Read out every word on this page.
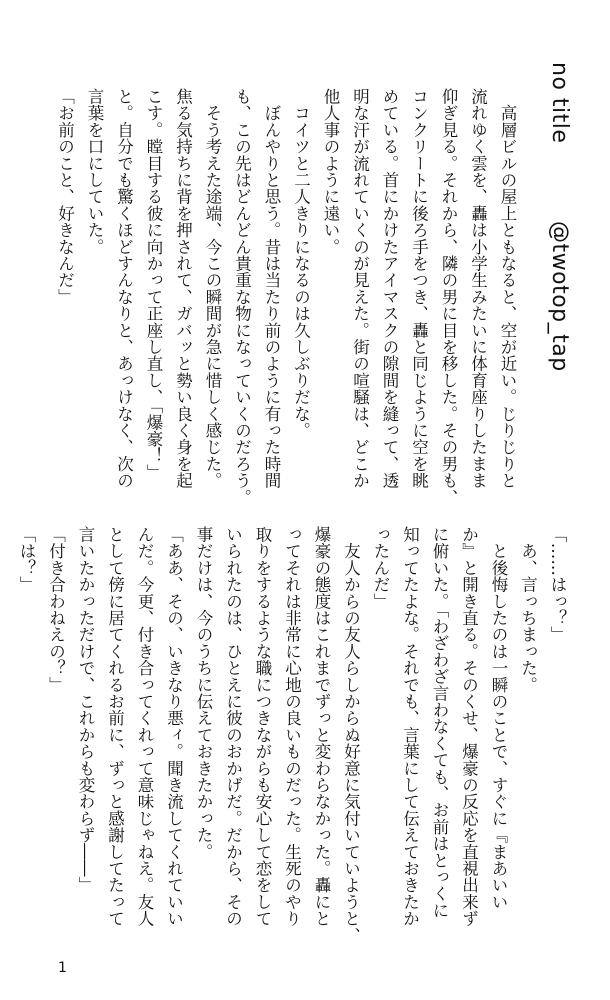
no title @twotop_tap
　高層ビルの屋上ともなると、空が近い。じりじりと
流れゆく雲を、轟は小学生みたいに体育座りしたまま
仰ぎ見る。それから、隣の男に目を移した。その男も、
コンクリートに後ろ手をつき、轟と同じように空を眺
めている。首にかけたアイマスクの隙間を縫って、透
明な汗が流れていくのが見えた。街の喧騒は、どこか
他人事のように遠い。
　コイツと二人きりになるのは久しぶりだな。
　ぼんやりと思う。昔は当たり前のように有った時間
も、この先はどんどん貴重な物になっていくのだろう。
　そう考えた途端、今この瞬間が急に惜しく感じた。
焦る気持ちに背を押されて、ガバッと勢い良く身を起
こす。瞠目する彼に向かって正座し直し、「爆豪！」
と。自分でも驚くほどすんなりと、あっけなく、次の
言葉を口にしていた。
「お前のこと、好きなんだ」
「……はっ？」
　あ、言っちまった。
　と後悔したのは一瞬のことで、すぐに『まあいい
か』と開き直る。そのくせ、爆豪の反応を直視出来ず
に俯いた。「わざわざ言わなくても、お前はとっくに
知ってたよな。それでも、言葉にして伝えておきたか
ったんだ」
　友人からの友人らしからぬ好意に気付いていようと、
爆豪の態度はこれまでずっと変わらなかった。轟にと
ってそれは非常に心地の良いものだった。生死のやり
取りをするような職につきながらも安心して恋をして
いられたのは、ひとえに彼のおかげだ。だから、その
事だけは、今のうちに伝えておきたかった。
「ああ、その、いきなり悪ィ。聞き流してくれていい
んだ。今更、付き合ってくれって意味じゃねえ。友人
として傍に居てくれるお前に、ずっと感謝してたって
言いたかっただけで、これからも変わらず――」
「付き合わねえの？」
「は？」
1
